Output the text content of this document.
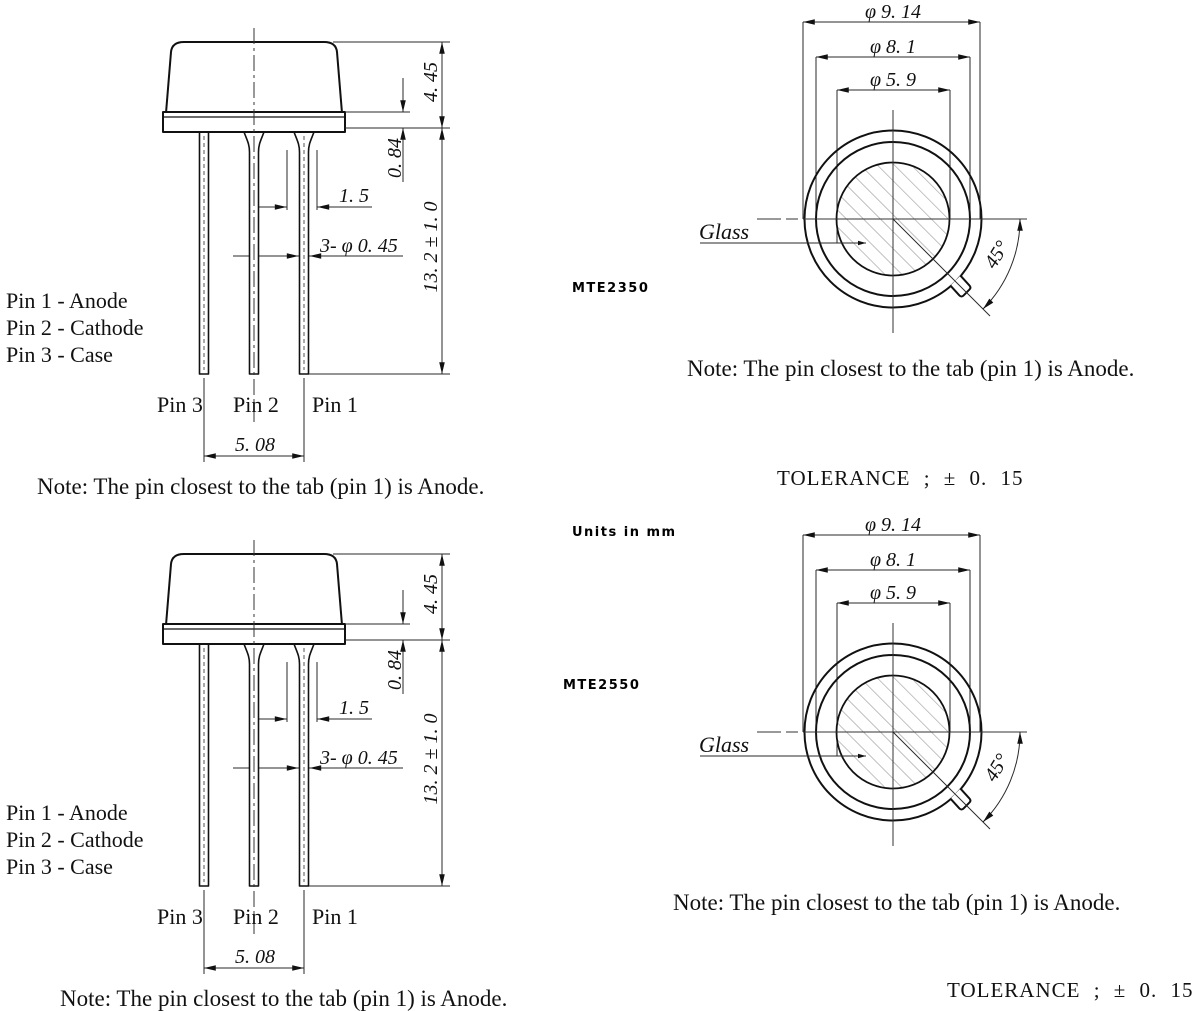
4. 45
0. 84
13. 2 ± 1. 0
1. 5
3- φ 0. 45
5. 08
Pin 3 Pin 2 Pin 1
Pin 1 - Anode
Pin 2 - Cathode
Pin 3 - Case
45°
Glass
φ 9. 14
φ 8. 1
φ 5. 9
Note: The pin closest to the tab (pin 1) is Anode.
Note: The pin closest to the tab (pin 1) is Anode.
Note: The pin closest to the tab (pin 1) is Anode.
Note: The pin closest to the tab (pin 1) is Anode.
TOLERANCE ; ± 0. 15
TOLERANCE ; ± 0. 15
MTE2350
Units in mm
MTE2550
